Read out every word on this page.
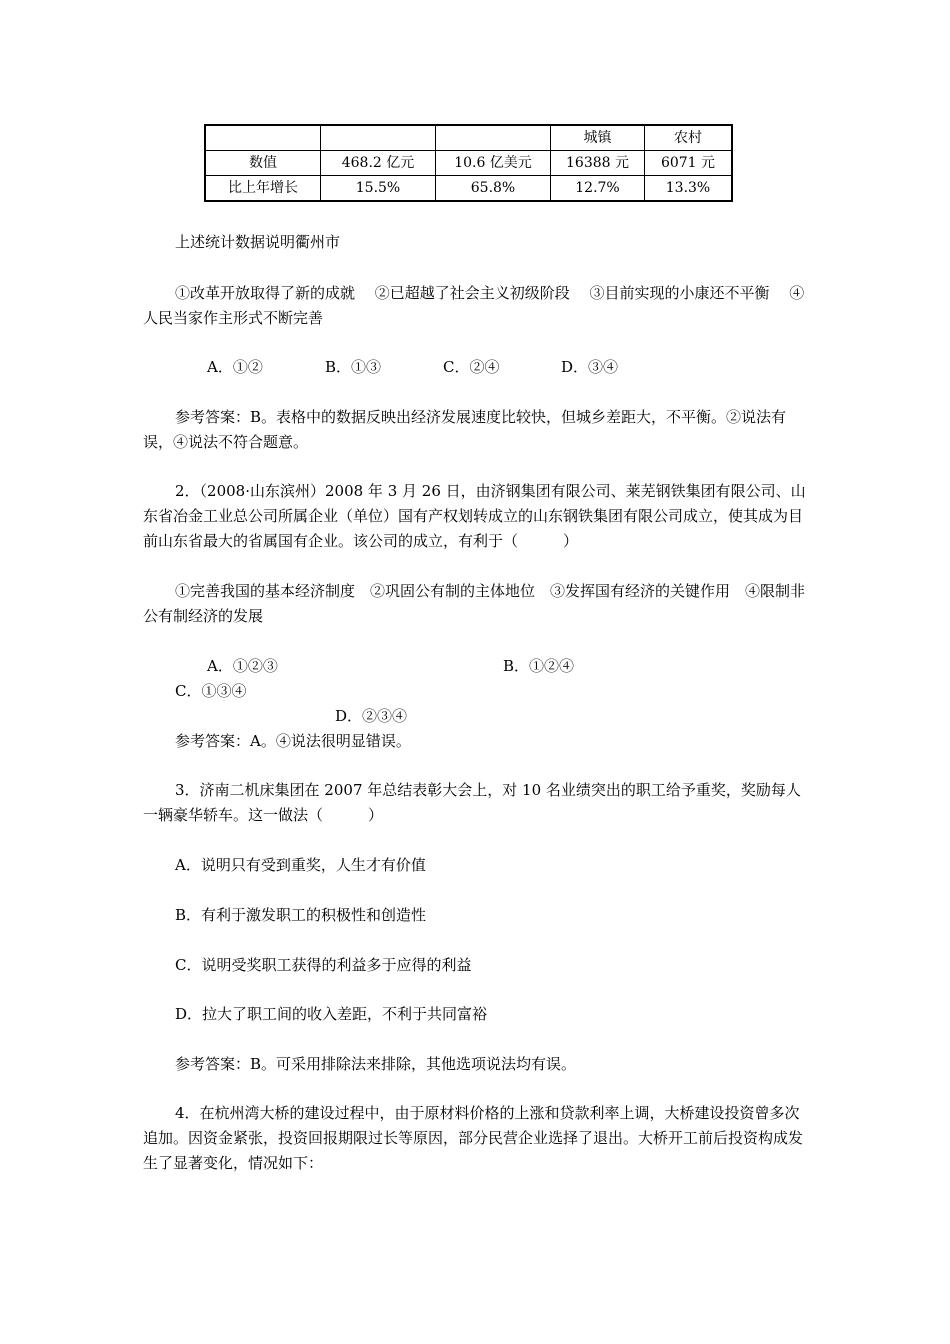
			城镇	农村
数值	468.2 亿元	10.6 亿美元	16388 元	6071 元
比上年增长	15.5%	65.8%	12.7%	13.3%

上述统计数据说明衢州市

①改革开放取得了新的成就　 ②已超越了社会主义初级阶段　 ③目前实现的小康还不平衡　 ④人民当家作主形式不断完善

A．①②	B．①③	C．②④	D．③④

参考答案：B。表格中的数据反映出经济发展速度比较快，但城乡差距大，不平衡。②说法有误，④说法不符合题意。

2．（2008·山东滨州）2008 年 3 月 26 日，由济钢集团有限公司、莱芜钢铁集团有限公司、山东省冶金工业总公司所属企业（单位）国有产权划转成立的山东钢铁集团有限公司成立，使其成为目前山东省最大的省属国有企业。该公司的成立，有利于（　　　）

①完善我国的基本经济制度　②巩固公有制的主体地位　③发挥国有经济的关键作用　④限制非公有制经济的发展

A．①②③	B．①②④C．①③④
D．②③④

参考答案：A。④说法很明显错误。

3．济南二机床集团在 2007 年总结表彰大会上，对 10 名业绩突出的职工给予重奖，奖励每人一辆豪华轿车。这一做法（　　　）

A．说明只有受到重奖，人生才有价值

B．有利于激发职工的积极性和创造性

C．说明受奖职工获得的利益多于应得的利益

D．拉大了职工间的收入差距，不利于共同富裕

参考答案：B。可采用排除法来排除，其他选项说法均有误。

4．在杭州湾大桥的建设过程中，由于原材料价格的上涨和贷款利率上调，大桥建设投资曾多次追加。因资金紧张，投资回报期限过长等原因，部分民营企业选择了退出。大桥开工前后投资构成发生了显著变化，情况如下：
